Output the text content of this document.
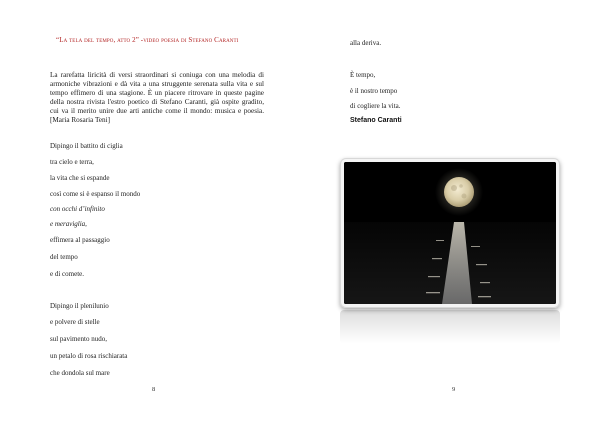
“La tela del tempo, atto 2” -video poesia di Stefano Caranti
La rarefatta liricità di versi straordinari si coniuga con una melodia di armoniche vibrazioni e dà vita a una struggente serenata sulla vita e sul tempo effimero di una stagione. È un piacere ritrovare in queste pagine della nostra rivista l'estro poetico di Stefano Caranti, già ospite gradito, cui va il merito unire due arti antiche come il mondo: musica e poesia. [Maria Rosaria Teni]
Dipingo il battito di ciglia
tra cielo e terra,
la vita che si espande
così come si è espanso il mondo
con occhi d’infinito
e meraviglia,
effimera al passaggio
del tempo
e di comete.
Dipingo il plenilunio
e polvere di stelle
sul pavimento nudo,
un petalo di rosa rischiarata
che dondola sul mare
8
alla deriva.
È tempo,
è il nostro tempo
di cogliere la vita.
Stefano Caranti
9
